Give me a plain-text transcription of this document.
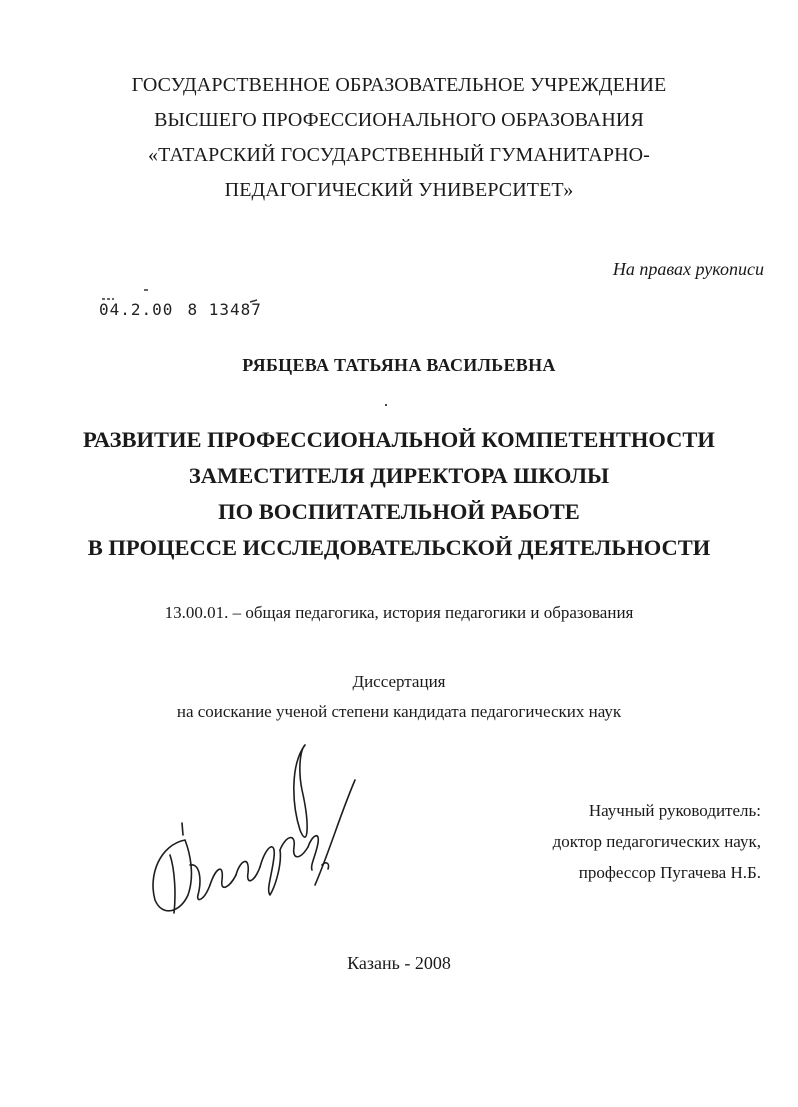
ГОСУДАРСТВЕННОЕ ОБРАЗОВАТЕЛЬНОЕ УЧРЕЖДЕНИЕ
ВЫСШЕГО ПРОФЕССИОНАЛЬНОГО ОБРАЗОВАНИЯ
«ТАТАРСКИЙ ГОСУДАРСТВЕННЫЙ ГУМАНИТАРНО-
ПЕДАГОГИЧЕСКИЙ УНИВЕРСИТЕТ»
На правах рукописи
04.2.00 8 13487
РЯБЦЕВА ТАТЬЯНА ВАСИЛЬЕВНА
РАЗВИТИЕ ПРОФЕССИОНАЛЬНОЙ КОМПЕТЕНТНОСТИ
ЗАМЕСТИТЕЛЯ ДИРЕКТОРА ШКОЛЫ
ПО ВОСПИТАТЕЛЬНОЙ РАБОТЕ
В ПРОЦЕССЕ ИССЛЕДОВАТЕЛЬСКОЙ ДЕЯТЕЛЬНОСТИ
13.00.01. – общая педагогика, история педагогики и образования
Диссертация
на соискание ученой степени кандидата педагогических наук
Научный руководитель:
доктор педагогических наук,
профессор Пугачева Н.Б.
Казань - 2008
